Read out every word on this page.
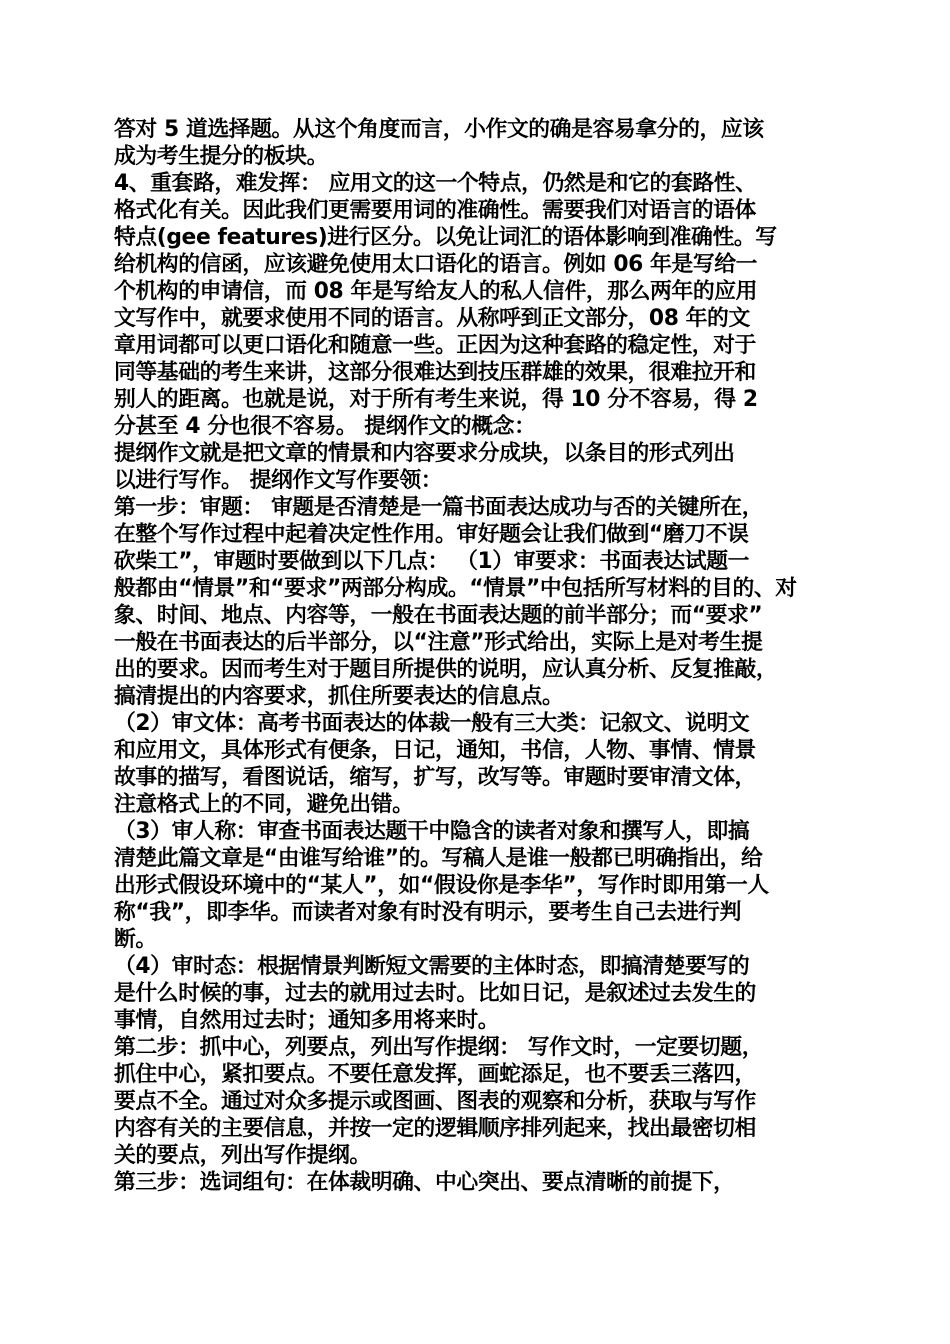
答对 5 道选择题。从这个角度而言，小作文的确是容易拿分的，应该
成为考生提分的板块。
4、重套路，难发挥： 应用文的这一个特点，仍然是和它的套路性、
格式化有关。因此我们更需要用词的准确性。需要我们对语言的语体
特点(gee features)进行区分。以免让词汇的语体影响到准确性。写
给机构的信函，应该避免使用太口语化的语言。例如 06 年是写给一
个机构的申请信，而 08 年是写给友人的私人信件，那么两年的应用
文写作中，就要求使用不同的语言。从称呼到正文部分，08 年的文
章用词都可以更口语化和随意一些。正因为这种套路的稳定性，对于
同等基础的考生来讲，这部分很难达到技压群雄的效果，很难拉开和
别人的距离。也就是说，对于所有考生来说，得 10 分不容易，得 2
分甚至 4 分也很不容易。 提纲作文的概念：
提纲作文就是把文章的情景和内容要求分成块，以条目的形式列出
以进行写作。 提纲作文写作要领：
第一步：审题： 审题是否清楚是一篇书面表达成功与否的关键所在，
在整个写作过程中起着决定性作用。审好题会让我们做到“磨刀不误
砍柴工”，审题时要做到以下几点： （1）审要求：书面表达试题一
般都由“情景”和“要求”两部分构成。“情景”中包括所写材料的目的、对
象、时间、地点、内容等，一般在书面表达题的前半部分；而“要求”
一般在书面表达的后半部分，以“注意”形式给出，实际上是对考生提
出的要求。因而考生对于题目所提供的说明，应认真分析、反复推敲，
搞清提出的内容要求，抓住所要表达的信息点。
（2）审文体：高考书面表达的体裁一般有三大类：记叙文、说明文
和应用文，具体形式有便条，日记，通知，书信，人物、事情、情景
故事的描写，看图说话，缩写，扩写，改写等。审题时要审清文体，
注意格式上的不同，避免出错。
（3）审人称：审查书面表达题干中隐含的读者对象和撰写人，即搞
清楚此篇文章是“由谁写给谁”的。写稿人是谁一般都已明确指出，给
出形式假设环境中的“某人”，如“假设你是李华”，写作时即用第一人
称“我”，即李华。而读者对象有时没有明示，要考生自己去进行判
断。
（4）审时态：根据情景判断短文需要的主体时态，即搞清楚要写的
是什么时候的事，过去的就用过去时。比如日记，是叙述过去发生的
事情，自然用过去时；通知多用将来时。
第二步：抓中心，列要点，列出写作提纲： 写作文时，一定要切题，
抓住中心，紧扣要点。不要任意发挥，画蛇添足，也不要丢三落四，
要点不全。通过对众多提示或图画、图表的观察和分析，获取与写作
内容有关的主要信息，并按一定的逻辑顺序排列起来，找出最密切相
关的要点，列出写作提纲。
第三步：选词组句：在体裁明确、中心突出、要点清晰的前提下，
